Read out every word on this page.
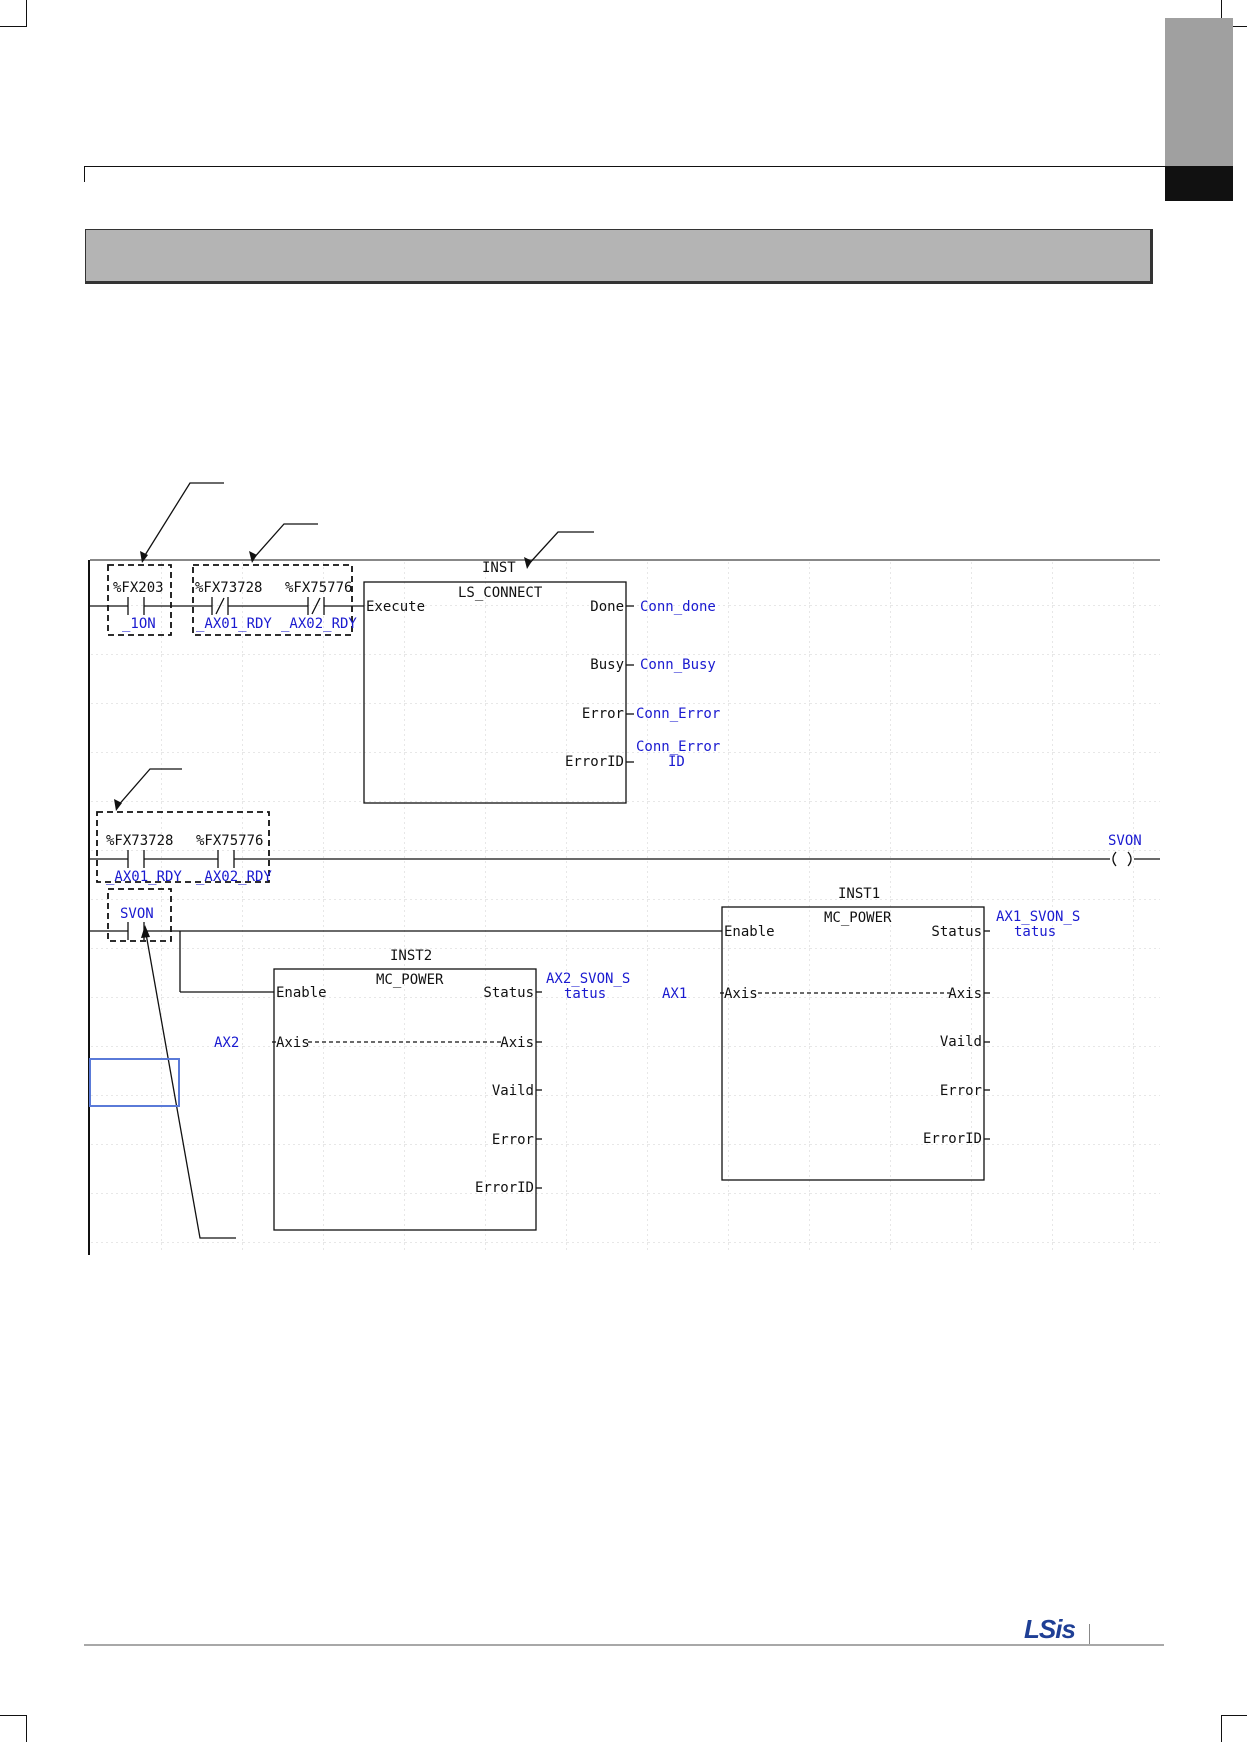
%FX203
_1ON
%FX73728
_AX01_RDY
%FX75776
_AX02_RDY
INST
LS_CONNECT
Execute	Done
Busy
Error
ErrorID
Conn_done
Conn_Busy
Conn_Error
Conn_Error
ID
%FX73728
_AX01_RDY
%FX75776
_AX02_RDY
SVON
SVON
INST1
MC_POWER
Enable
Axis
Status
Axis
Vaild
Error
ErrorID
AX1_SVON_S
tatus
AX1
INST2
MC_POWER
Enable
Axis
Status
Axis
Vaild
Error
ErrorID
AX2_SVON_S
tatus
AX2
LSis
